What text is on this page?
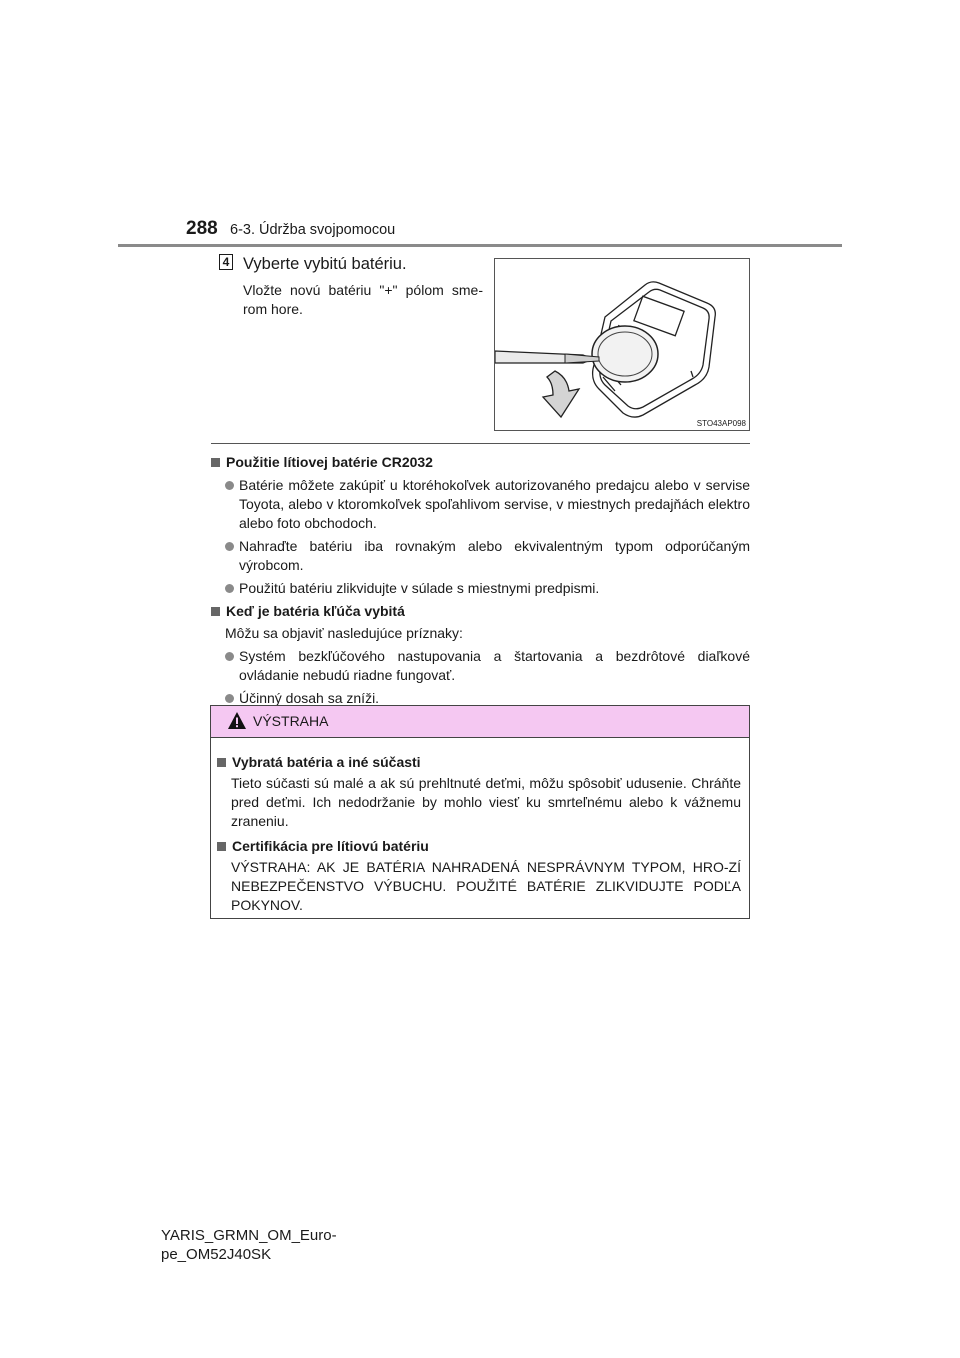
288 6-3. Údržba svojpomocou
4 Vyberte vybitú batériu.
Vložte novú batériu "+" pólom sme-rom hore.
STO43AP098
Použitie lítiovej batérie CR2032
Batérie môžete zakúpiť u ktoréhokoľvek autorizovaného predajcu alebo v servise Toyota, alebo v ktoromkoľvek spoľahlivom servise, v miestnych predajňách elektro alebo foto obchodoch.
Nahraďte batériu iba rovnakým alebo ekvivalentným typom odporúčaným výrobcom.
Použitú batériu zlikvidujte v súlade s miestnymi predpismi.
Keď je batéria kľúča vybitá
Môžu sa objaviť nasledujúce príznaky:
Systém bezkľúčového nastupovania a štartovania a bezdrôtové diaľkové ovládanie nebudú riadne fungovať.
Účinný dosah sa zníži.
VÝSTRAHA
Vybratá batéria a iné súčasti
Tieto súčasti sú malé a ak sú prehltnuté deťmi, môžu spôsobiť udusenie. Chráňte pred deťmi. Ich nedodržanie by mohlo viesť ku smrteľnému alebo k vážnemu zraneniu.
Certifikácia pre lítiovú batériu
VÝSTRAHA: AK JE BATÉRIA NAHRADENÁ NESPRÁVNYM TYPOM, HRO-ZÍ NEBEZPEČENSTVO VÝBUCHU. POUŽITÉ BATÉRIE ZLIKVIDUJTE PODĽA POKYNOV.
YARIS_GRMN_OM_Euro-
pe_OM52J40SK
